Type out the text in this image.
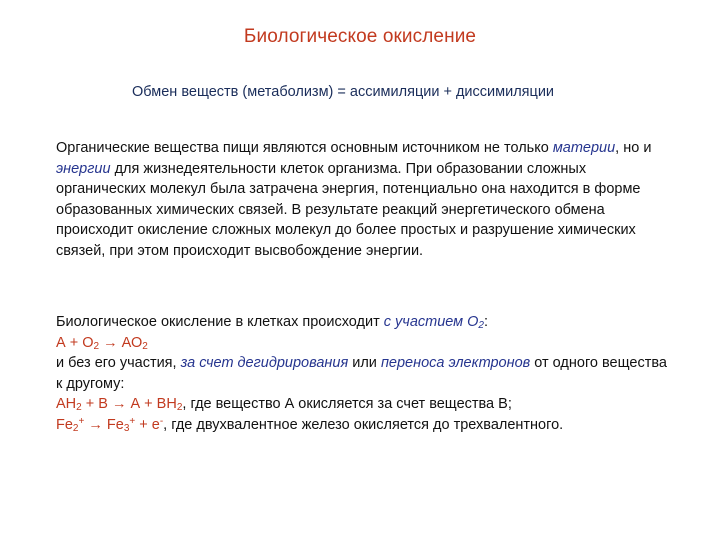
Биологическое окисление
Обмен веществ (метаболизм) = ассимиляции + диссимиляции
Органические вещества пищи являются основным источником не только материи, но и энергии для жизнедеятельности клеток организма. При образовании сложных органических молекул была затрачена энергия, потенциально она находится в форме образованных химических связей. В результате реакций энергетического обмена происходит окисление сложных молекул до более простых и разрушение химических связей, при этом происходит высвобождение энергии.
Биологическое окисление в клетках происходит с участием $О_2$:
$А + О_2 \to АО_2$
и без его участия, за счет дегидрирования или переноса электронов от одного вещества к другому:
$АН_2 + В \to А + ВН_2$, где вещество А окисляется за счет вещества В;
$Fe_2^+ \to Fe_3^+ + е^-$, где двухвалентное железо окисляется до трехвалентного.
